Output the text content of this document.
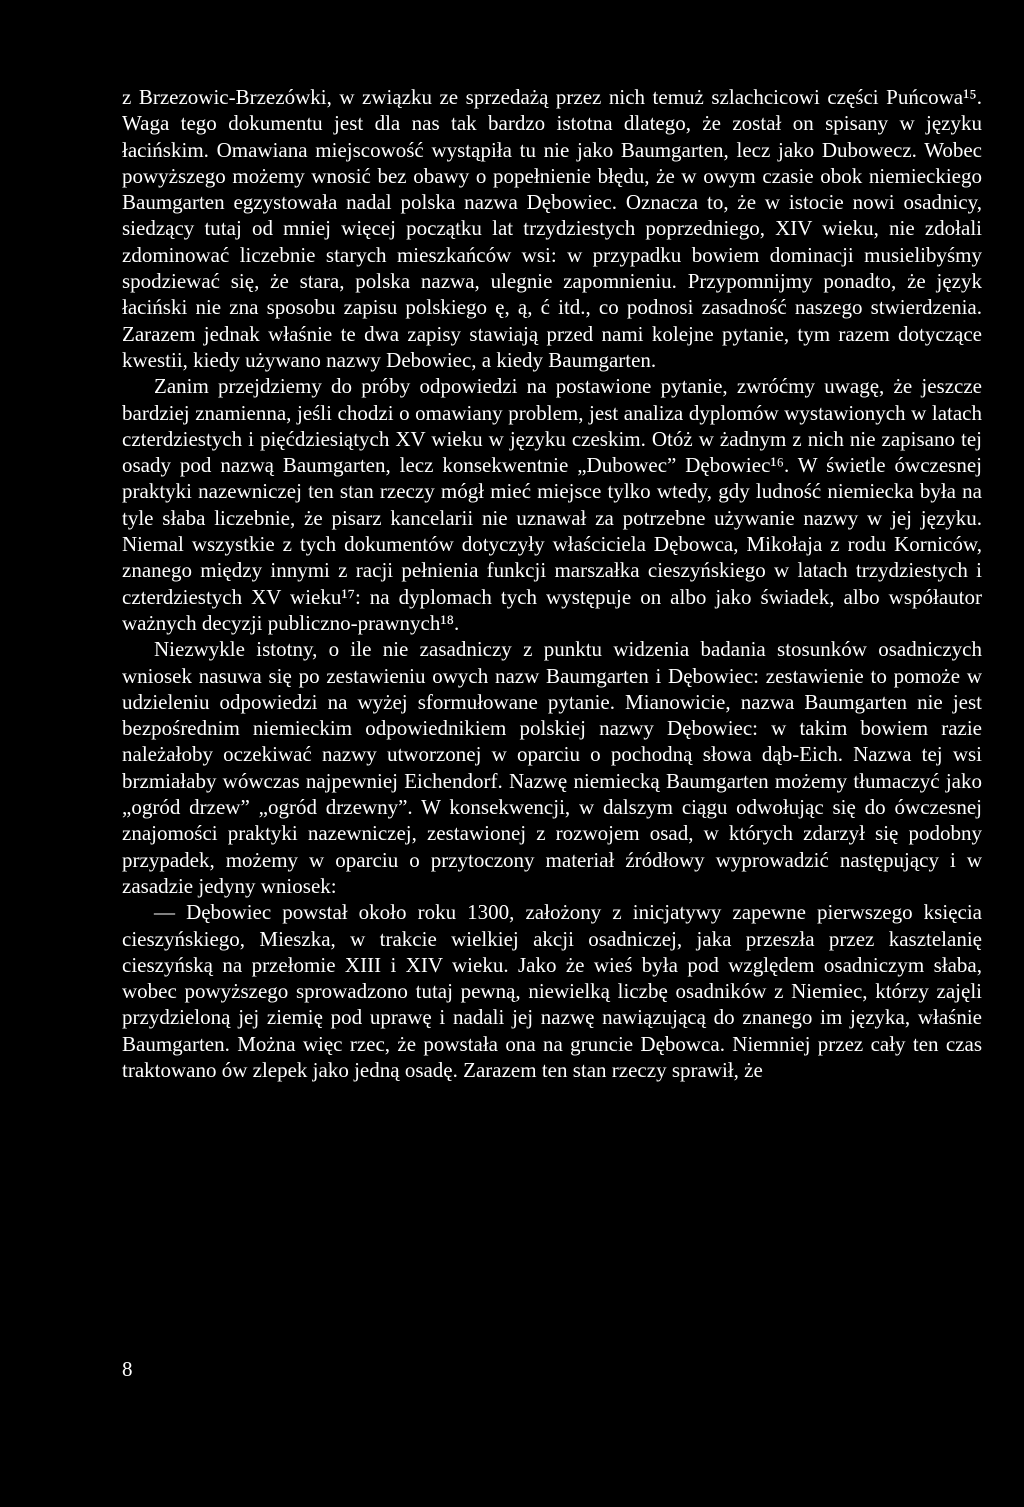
z Brzezowic-Brzezówki, w związku ze sprzedażą przez nich temuż szlachcicowi części Puńcowa¹⁵. Waga tego dokumentu jest dla nas tak bardzo istotna dlatego, że został on spisany w języku łacińskim. Omawiana miejscowość wystąpiła tu nie jako Baumgarten, lecz jako Dubowecz. Wobec powyższego możemy wnosić bez obawy o popełnienie błędu, że w owym czasie obok niemieckiego Baumgarten egzystowała nadal polska nazwa Dębowiec. Oznacza to, że w istocie nowi osadnicy, siedzący tutaj od mniej więcej początku lat trzydziestych poprzedniego, XIV wieku, nie zdołali zdominować liczebnie starych mieszkańców wsi: w przypadku bowiem dominacji musielibyśmy spodziewać się, że stara, polska nazwa, ulegnie zapomnieniu. Przypomnijmy ponadto, że język łaciński nie zna sposobu zapisu polskiego ę, ą, ć itd., co podnosi zasadność naszego stwierdzenia. Zarazem jednak właśnie te dwa zapisy stawiają przed nami kolejne pytanie, tym razem dotyczące kwestii, kiedy używano nazwy Debowiec, a kiedy Baumgarten.

Zanim przejdziemy do próby odpowiedzi na postawione pytanie, zwróćmy uwagę, że jeszcze bardziej znamienna, jeśli chodzi o omawiany problem, jest analiza dyplomów wystawionych w latach czterdziestych i pięćdziesiątych XV wieku w języku czeskim. Otóż w żadnym z nich nie zapisano tej osady pod nazwą Baumgarten, lecz konsekwentnie „Dubowec” Dębowiec¹⁶. W świetle ówczesnej praktyki nazewniczej ten stan rzeczy mógł mieć miejsce tylko wtedy, gdy ludność niemiecka była na tyle słaba liczebnie, że pisarz kancelarii nie uznawał za potrzebne używanie nazwy w jej języku. Niemal wszystkie z tych dokumentów dotyczyły właściciela Dębowca, Mikołaja z rodu Korniców, znanego między innymi z racji pełnienia funkcji marszałka cieszyńskiego w latach trzydziestych i czterdziestych XV wieku¹⁷: na dyplomach tych występuje on albo jako świadek, albo współautor ważnych decyzji publiczno-prawnych¹⁸.

Niezwykle istotny, o ile nie zasadniczy z punktu widzenia badania stosunków osadniczych wniosek nasuwa się po zestawieniu owych nazw Baumgarten i Dębowiec: zestawienie to pomoże w udzieleniu odpowiedzi na wyżej sformułowane pytanie. Mianowicie, nazwa Baumgarten nie jest bezpośrednim niemieckim odpowiednikiem polskiej nazwy Dębowiec: w takim bowiem razie należałoby oczekiwać nazwy utworzonej w oparciu o pochodną słowa dąb-Eich. Nazwa tej wsi brzmiałaby wówczas najpewniej Eichendorf. Nazwę niemiecką Baumgarten możemy tłumaczyć jako „ogród drzew” „ogród drzewny”. W konsekwencji, w dalszym ciągu odwołując się do ówczesnej znajomości praktyki nazewniczej, zestawionej z rozwojem osad, w których zdarzył się podobny przypadek, możemy w oparciu o przytoczony materiał źródłowy wyprowadzić następujący i w zasadzie jedyny wniosek:

— Dębowiec powstał około roku 1300, założony z inicjatywy zapewne pierwszego księcia cieszyńskiego, Mieszka, w trakcie wielkiej akcji osadniczej, jaka przeszła przez kasztelanię cieszyńską na przełomie XIII i XIV wieku. Jako że wieś była pod względem osadniczym słaba, wobec powyższego sprowadzono tutaj pewną, niewielką liczbę osadników z Niemiec, którzy zajęli przydzieloną jej ziemię pod uprawę i nadali jej nazwę nawiązującą do znanego im języka, właśnie Baumgarten. Można więc rzec, że powstała ona na gruncie Dębowca. Niemniej przez cały ten czas traktowano ów zlepek jako jedną osadę. Zarazem ten stan rzeczy sprawił, że

8
